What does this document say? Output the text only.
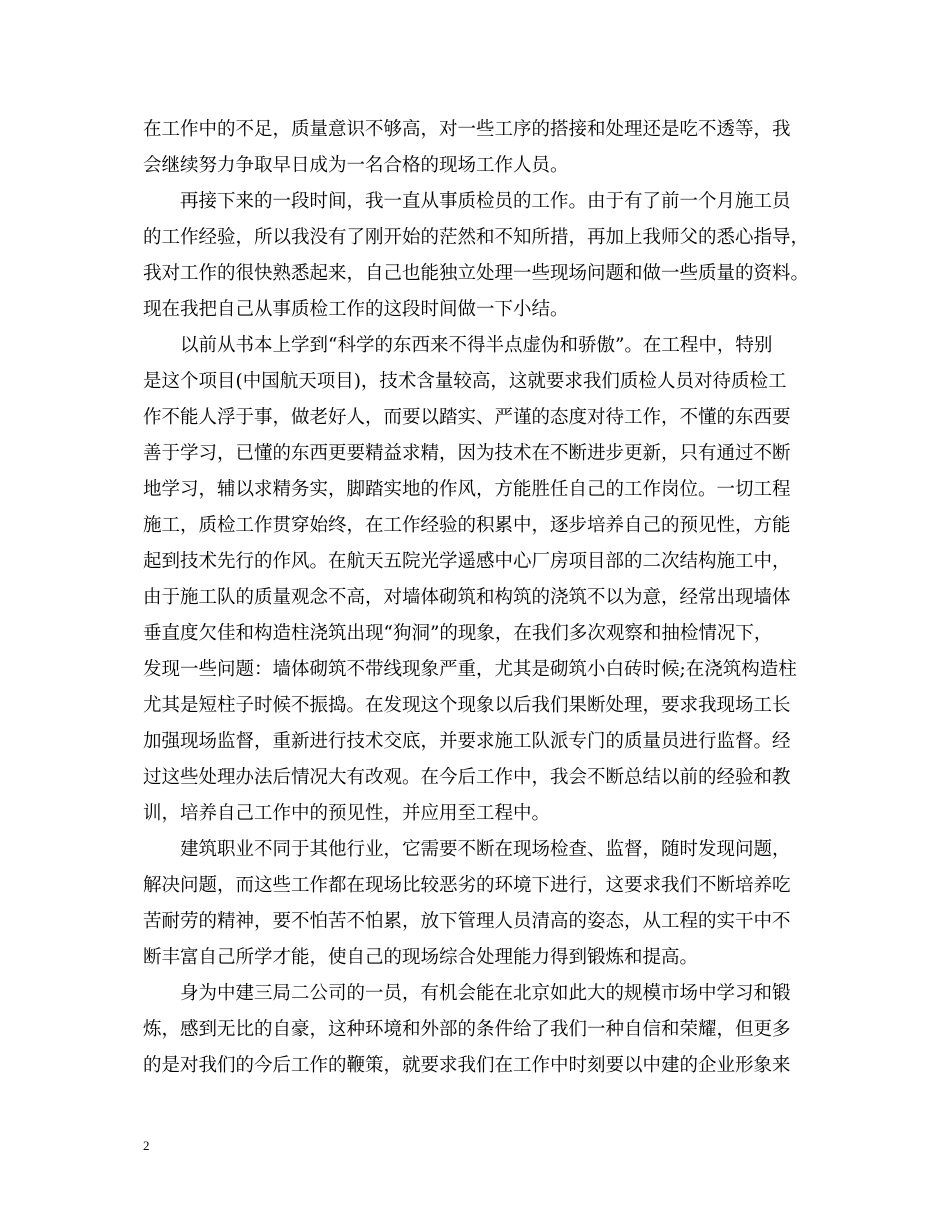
在工作中的不足，质量意识不够高，对一些工序的搭接和处理还是吃不透等，我
会继续努力争取早日成为一名合格的现场工作人员。
再接下来的一段时间，我一直从事质检员的工作。由于有了前一个月施工员
的工作经验，所以我没有了刚开始的茫然和不知所措，再加上我师父的悉心指导，
我对工作的很快熟悉起来，自己也能独立处理一些现场问题和做一些质量的资料。
现在我把自己从事质检工作的这段时间做一下小结。
以前从书本上学到“科学的东西来不得半点虚伪和骄傲”。在工程中，特别
是这个项目(中国航天项目)，技术含量较高，这就要求我们质检人员对待质检工
作不能人浮于事，做老好人，而要以踏实、严谨的态度对待工作，不懂的东西要
善于学习，已懂的东西更要精益求精，因为技术在不断进步更新，只有通过不断
地学习，辅以求精务实，脚踏实地的作风，方能胜任自己的工作岗位。一切工程
施工，质检工作贯穿始终，在工作经验的积累中，逐步培养自己的预见性，方能
起到技术先行的作风。在航天五院光学遥感中心厂房项目部的二次结构施工中，
由于施工队的质量观念不高，对墙体砌筑和构筑的浇筑不以为意，经常出现墙体
垂直度欠佳和构造柱浇筑出现“狗洞”的现象，在我们多次观察和抽检情况下，
发现一些问题：墙体砌筑不带线现象严重，尤其是砌筑小白砖时候;在浇筑构造柱
尤其是短柱子时候不振捣。在发现这个现象以后我们果断处理，要求我现场工长
加强现场监督，重新进行技术交底，并要求施工队派专门的质量员进行监督。经
过这些处理办法后情况大有改观。在今后工作中，我会不断总结以前的经验和教
训，培养自己工作中的预见性，并应用至工程中。
建筑职业不同于其他行业，它需要不断在现场检查、监督，随时发现问题，
解决问题，而这些工作都在现场比较恶劣的环境下进行，这要求我们不断培养吃
苦耐劳的精神，要不怕苦不怕累，放下管理人员清高的姿态，从工程的实干中不
断丰富自己所学才能，使自己的现场综合处理能力得到锻炼和提高。
身为中建三局二公司的一员，有机会能在北京如此大的规模市场中学习和锻
炼，感到无比的自豪，这种环境和外部的条件给了我们一种自信和荣耀，但更多
的是对我们的今后工作的鞭策，就要求我们在工作中时刻要以中建的企业形象来
2
